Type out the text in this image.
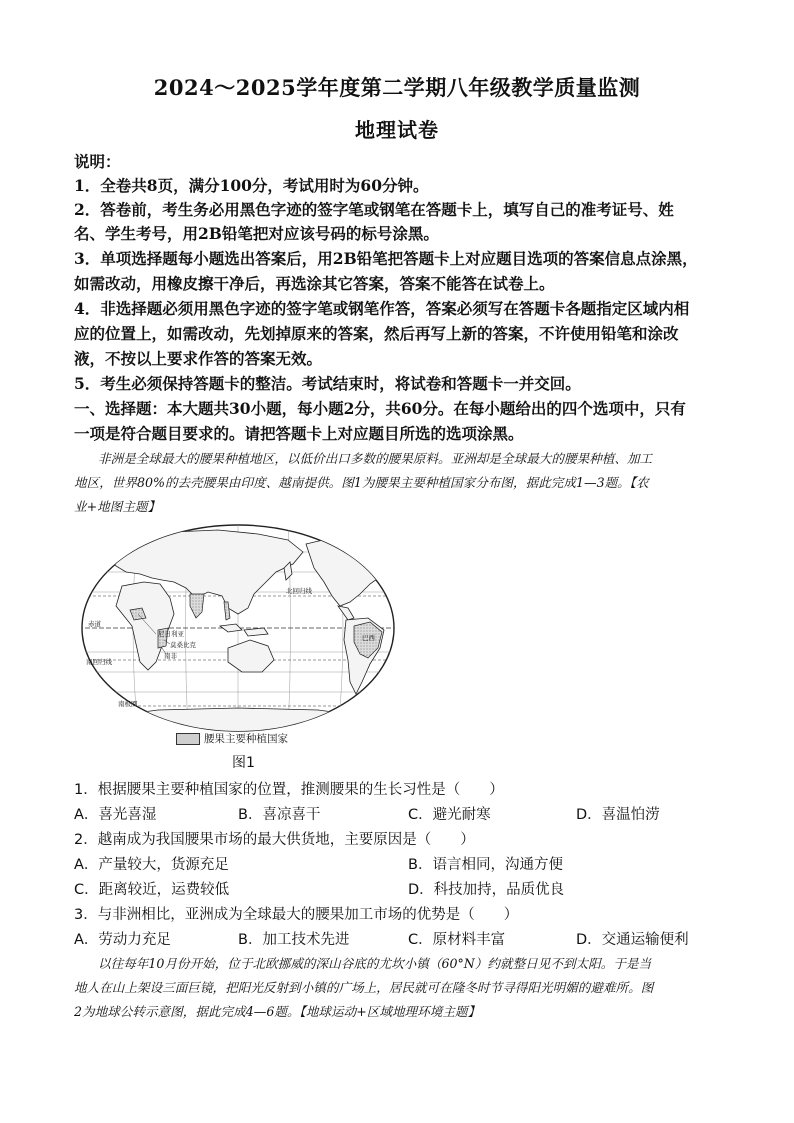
2024～2025学年度第二学期八年级教学质量监测
地理试卷
说明：
1．全卷共8页，满分100分，考试用时为60分钟。
2．答卷前，考生务必用黑色字迹的签字笔或钢笔在答题卡上，填写自己的准考证号、姓
名、学生考号，用2B铅笔把对应该号码的标号涂黑。
3．单项选择题每小题选出答案后，用2B铅笔把答题卡上对应题目选项的答案信息点涂黑，
如需改动，用橡皮擦干净后，再选涂其它答案，答案不能答在试卷上。
4．非选择题必须用黑色字迹的签字笔或钢笔作答，答案必须写在答题卡各题指定区域内相
应的位置上，如需改动，先划掉原来的答案，然后再写上新的答案，不许使用铅笔和涂改
液，不按以上要求作答的答案无效。
5．考生必须保持答题卡的整洁。考试结束时，将试卷和答题卡一并交回。
一、选择题：本大题共30小题，每小题2分，共60分。在每小题给出的四个选项中，只有
一项是符合题目要求的。请把答题卡上对应题目所选的选项涂黑。
非洲是全球最大的腰果种植地区，以低价出口多数的腰果原料。亚洲却是全球最大的腰果种植、加工
地区，世界80%的去壳腰果由印度、越南提供。图1为腰果主要种植国家分布图，据此完成1—3题。【农
业+地图主题】
北回归线
赤道
南回归线
南极圈
巴西
尼日利亚
莫桑比克
南非
腰果主要种植国家
图1
1．根据腰果主要种植国家的位置，推测腰果的生长习性是（　　）
A．喜光喜湿	B．喜凉喜干	C．避光耐寒	D．喜温怕涝
2．越南成为我国腰果市场的最大供货地，主要原因是（　　）
A．产量较大，货源充足	B．语言相同，沟通方便
C．距离较近，运费较低	D．科技加持，品质优良
3．与非洲相比，亚洲成为全球最大的腰果加工市场的优势是（　　）
A．劳动力充足	B．加工技术先进	C．原材料丰富	D．交通运输便利
以往每年10月份开始，位于北欧挪威的深山谷底的尤坎小镇（60°N）约就整日见不到太阳。于是当
地人在山上架设三面巨镜，把阳光反射到小镇的广场上，居民就可在隆冬时节寻得阳光明媚的避难所。图
2为地球公转示意图，据此完成4—6题。【地球运动+区域地理环境主题】
